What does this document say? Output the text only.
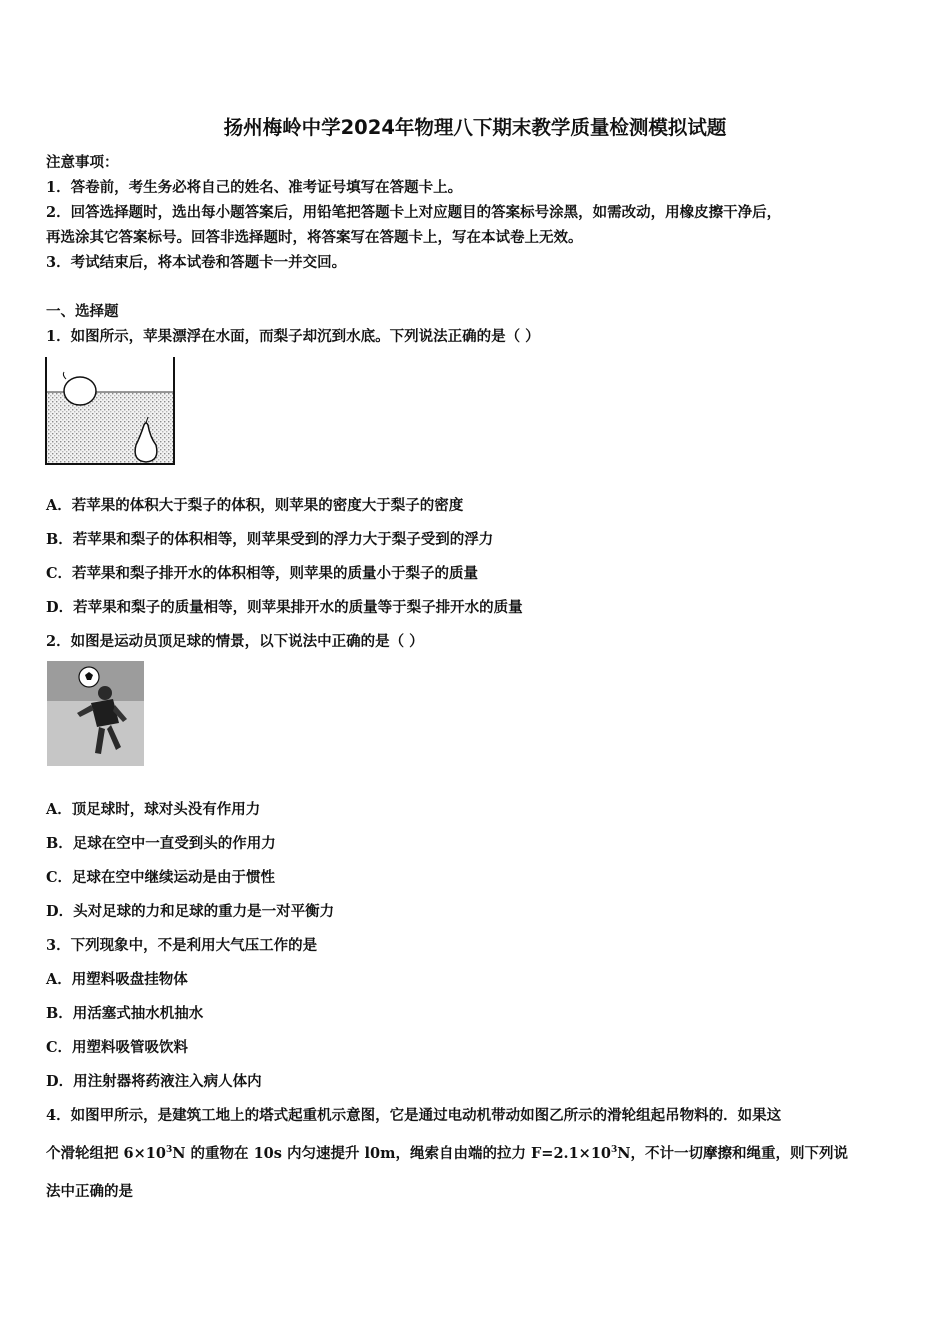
扬州梅岭中学2024年物理八下期末教学质量检测模拟试题
注意事项：
1．答卷前，考生务必将自己的姓名、准考证号填写在答题卡上。
2．回答选择题时，选出每小题答案后，用铅笔把答题卡上对应题目的答案标号涂黑，如需改动，用橡皮擦干净后，
再选涂其它答案标号。回答非选择题时，将答案写在答题卡上，写在本试卷上无效。
3．考试结束后，将本试卷和答题卡一并交回。
一、选择题
1．如图所示，苹果漂浮在水面，而梨子却沉到水底。下列说法正确的是（ ）
A．若苹果的体积大于梨子的体积，则苹果的密度大于梨子的密度
B．若苹果和梨子的体积相等，则苹果受到的浮力大于梨子受到的浮力
C．若苹果和梨子排开水的体积相等，则苹果的质量小于梨子的质量
D．若苹果和梨子的质量相等，则苹果排开水的质量等于梨子排开水的质量
2．如图是运动员顶足球的情景，以下说法中正确的是（ ）
A．顶足球时，球对头没有作用力
B．足球在空中一直受到头的作用力
C．足球在空中继续运动是由于惯性
D．头对足球的力和足球的重力是一对平衡力
3．下列现象中，不是利用大气压工作的是
A．用塑料吸盘挂物体
B．用活塞式抽水机抽水
C．用塑料吸管吸饮料
D．用注射器将药液注入病人体内
4．如图甲所示，是建筑工地上的塔式起重机示意图，它是通过电动机带动如图乙所示的滑轮组起吊物料的．如果这
个滑轮组把 $6\times 10^3N$ 的重物在 10s 内匀速提升 l0m，绳索自由端的拉力 $F=2.1\times 10^3N$，不计一切摩擦和绳重，则下列说
法中正确的是
